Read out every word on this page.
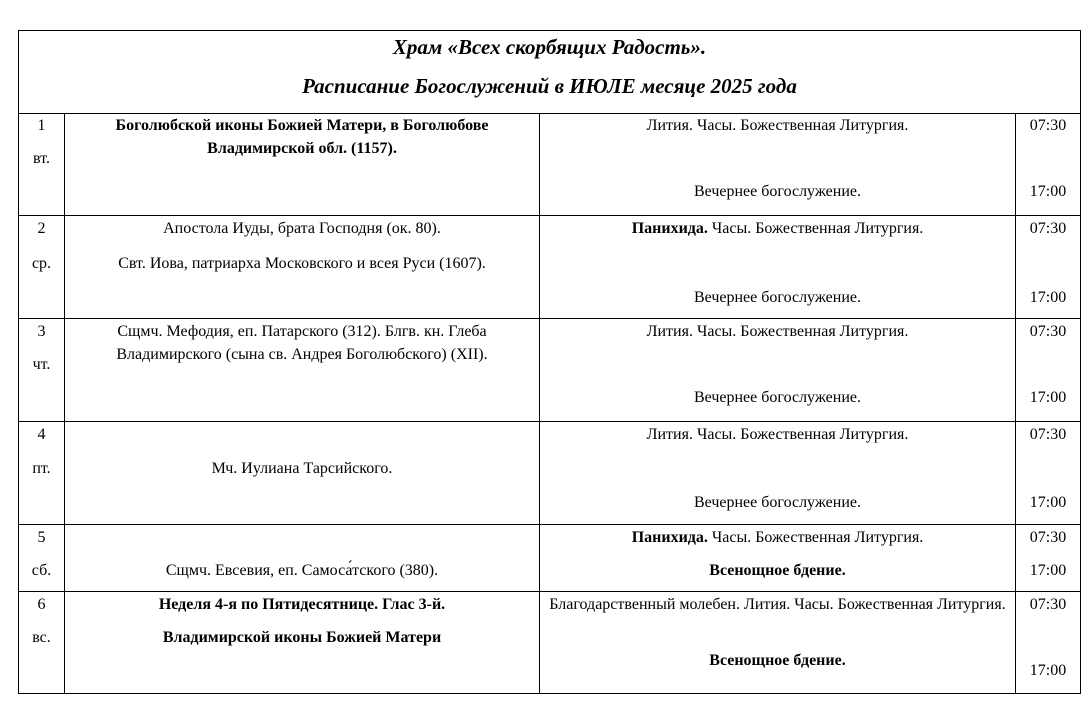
Храм «Всех скорбящих Радость».
Расписание Богослужений в ИЮЛЕ месяце 2025 года
1
вт.
Боголюбской иконы Божией Матери, в Боголюбове Владимирской обл. (1157).
Лития. Часы. Божественная Литургия.
Вечернее богослужение.
07:30
17:00
2
ср.
Апостола Иуды, брата Господня (ок. 80).
Свт. Иова, патриарха Московского и всея Руси (1607).
Панихида. Часы. Божественная Литургия.
Вечернее богослужение.
07:30
17:00
3
чт.
Сщмч. Мефодия, еп. Патарского (312). Блгв. кн. Глеба Владимирского (сына св. Андрея Боголюбского) (XII).
Лития. Часы. Божественная Литургия.
Вечернее богослужение.
07:30
17:00
4
пт.	Мч. Иулиана Тарсийского.
Лития. Часы. Божественная Литургия.
Вечернее богослужение.
07:30
17:00
5
сб.	Сщмч. Евсевия, еп. Самоса́тского (380).
Панихида. Часы. Божественная Литургия.
Всенощное бдение.
07:30
17:00
6
вс.
Неделя 4-я по Пятидесятнице. Глас 3-й.
Владимирской иконы Божией Матери
Благодарственный молебен. Лития. Часы. Божественная Литургия.
Всенощное бдение.
07:30
17:00
